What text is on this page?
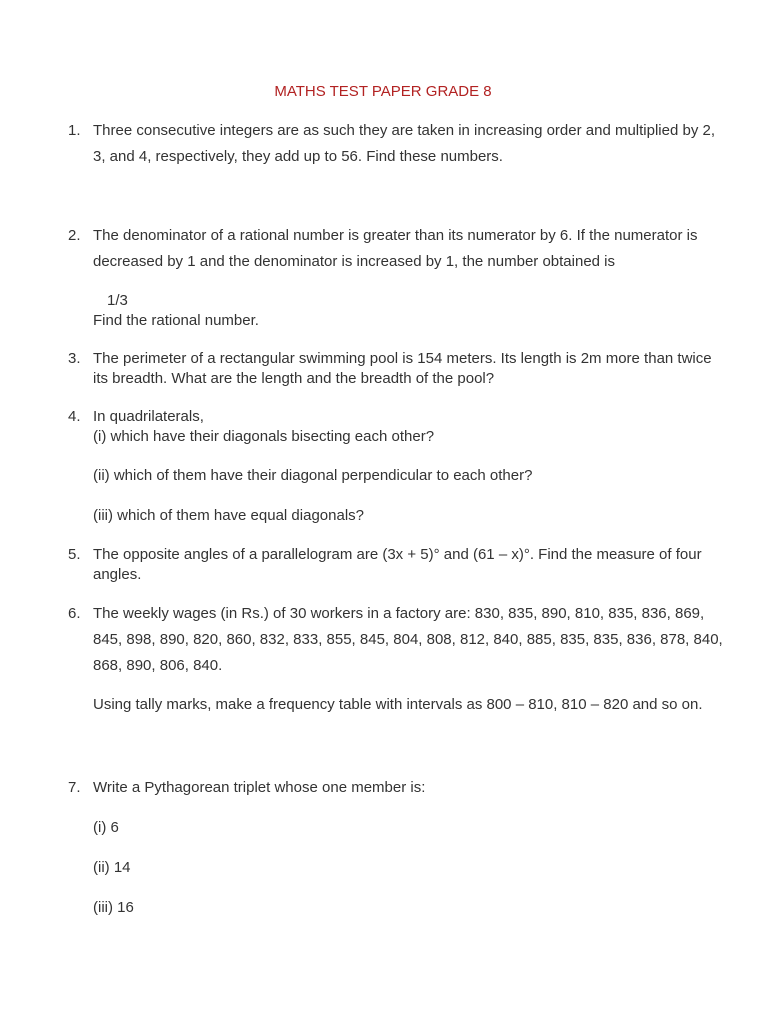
MATHS TEST PAPER GRADE 8
1. Three consecutive integers are as such they are taken in increasing order and multiplied by 2, 3, and 4, respectively, they add up to 56. Find these numbers.
2. The denominator of a rational number is greater than its numerator by 6. If the numerator is decreased by 1 and the denominator is increased by 1, the number obtained is
1/3
Find the rational number.
3. The perimeter of a rectangular swimming pool is 154 meters. Its length is 2m more than twice its breadth. What are the length and the breadth of the pool?
4. In quadrilaterals,
(i) which have their diagonals bisecting each other?
(ii) which of them have their diagonal perpendicular to each other?
(iii) which of them have equal diagonals?
5. The opposite angles of a parallelogram are (3x + 5)° and (61 – x)°. Find the measure of four angles.
6. The weekly wages (in Rs.) of 30 workers in a factory are: 830, 835, 890, 810, 835, 836, 869, 845, 898, 890, 820, 860, 832, 833, 855, 845, 804, 808, 812, 840, 885, 835, 835, 836, 878, 840, 868, 890, 806, 840.
Using tally marks, make a frequency table with intervals as 800 – 810, 810 – 820 and so on.
7. Write a Pythagorean triplet whose one member is:
(i) 6
(ii) 14
(iii) 16
